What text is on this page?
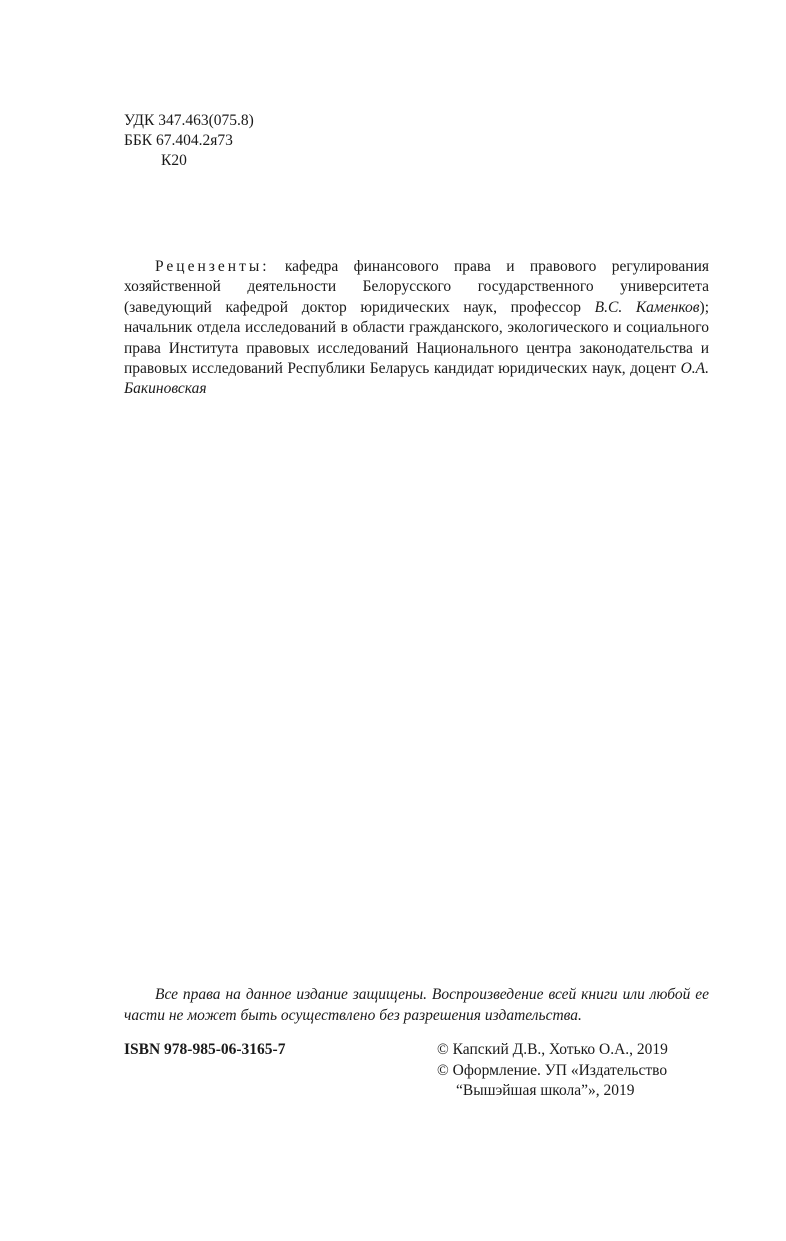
УДК 347.463(075.8)
ББК 67.404.2я73
К20
Рецензенты: кафедра финансового права и правового регулирования хозяйственной деятельности Белорусского государственного университета (заведующий кафедрой доктор юридических наук, профессор В.С. Каменков); начальник отдела исследований в области гражданского, экологического и социального права Института правовых исследований Национального центра законодательства и правовых исследований Республики Беларусь кандидат юридических наук, доцент О.А. Бакиновская
Все права на данное издание защищены. Воспроизведение всей книги или любой ее части не может быть осуществлено без разрешения издательства.
ISBN 978-985-06-3165-7	© Капский Д.В., Хотько О.А., 2019
© Оформление. УП «Издательство
“Вышэйшая школа”», 2019
